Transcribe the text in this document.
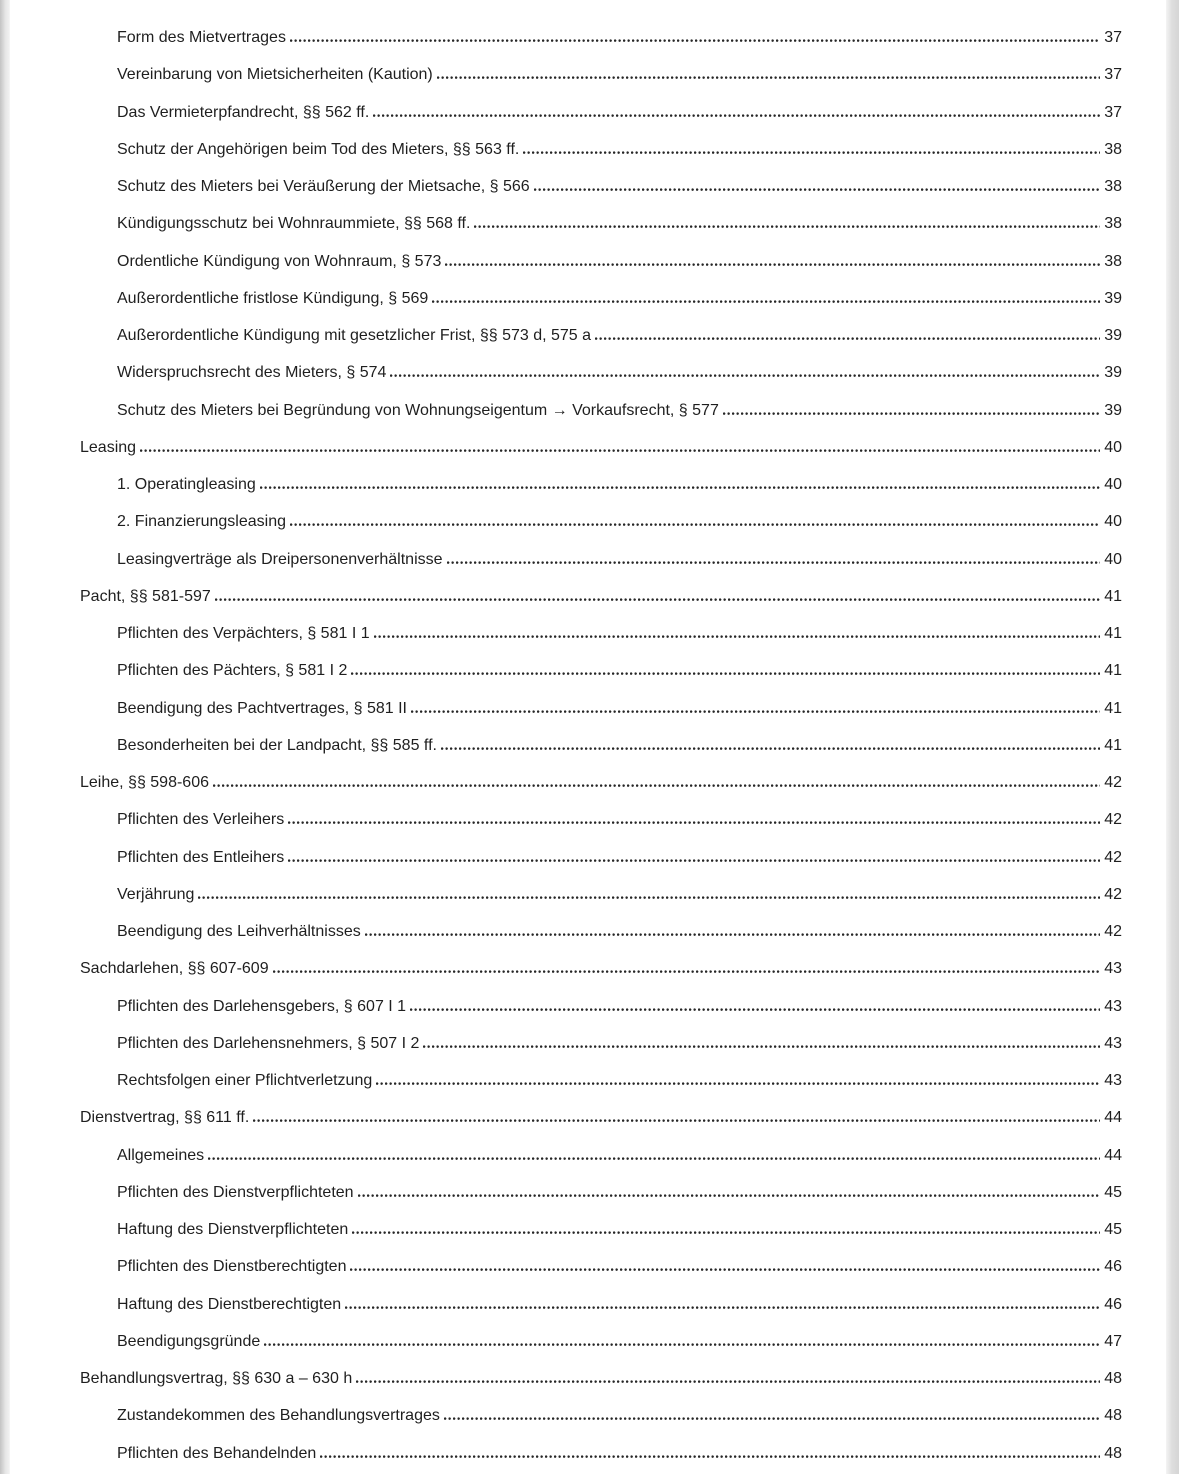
Form des Mietvertrages	37
Vereinbarung von Mietsicherheiten (Kaution)	37
Das Vermieterpfandrecht, §§ 562 ff.	37
Schutz der Angehörigen beim Tod des Mieters, §§ 563 ff.	38
Schutz des Mieters bei Veräußerung der Mietsache, § 566	38
Kündigungsschutz bei Wohnraummiete, §§ 568 ff.	38
Ordentliche Kündigung von Wohnraum, § 573	38
Außerordentliche fristlose Kündigung, § 569	39
Außerordentliche Kündigung mit gesetzlicher Frist, §§ 573 d, 575 a	39
Widerspruchsrecht des Mieters, § 574	39
Schutz des Mieters bei Begründung von Wohnungseigentum → Vorkaufsrecht, § 577	39
Leasing	40
1. Operatingleasing	40
2. Finanzierungsleasing	40
Leasingverträge als Dreipersonenverhältnisse	40
Pacht, §§ 581-597	41
Pflichten des Verpächters, § 581 I 1	41
Pflichten des Pächters, § 581 I 2	41
Beendigung des Pachtvertrages, § 581 II	41
Besonderheiten bei der Landpacht, §§ 585 ff.	41
Leihe, §§ 598-606	42
Pflichten des Verleihers	42
Pflichten des Entleihers	42
Verjährung	42
Beendigung des Leihverhältnisses	42
Sachdarlehen, §§ 607-609	43
Pflichten des Darlehensgebers, § 607 I 1	43
Pflichten des Darlehensnehmers, § 507 I 2	43
Rechtsfolgen einer Pflichtverletzung	43
Dienstvertrag, §§ 611 ff.	44
Allgemeines	44
Pflichten des Dienstverpflichteten	45
Haftung des Dienstverpflichteten	45
Pflichten des Dienstberechtigten	46
Haftung des Dienstberechtigten	46
Beendigungsgründe	47
Behandlungsvertrag, §§ 630 a – 630 h	48
Zustandekommen des Behandlungsvertrages	48
Pflichten des Behandelnden	48
